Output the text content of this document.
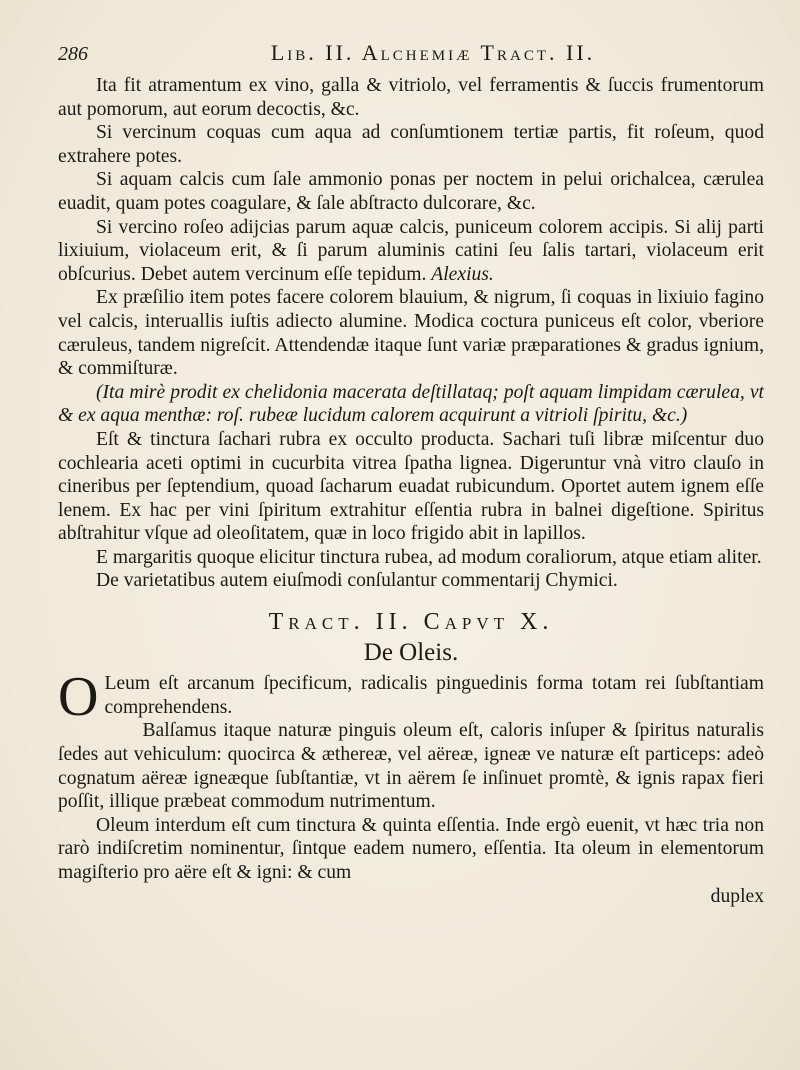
286	Lib. II. Alchemiæ Tract. II.

Ita fit atramentum ex vino, galla & vitriolo, vel ferramentis & ſuccis frumentorum aut pomorum, aut eorum decoctis, &c.

Si vercinum coquas cum aqua ad conſumtionem tertiæ partis, fit roſeum, quod extrahere potes.

Si aquam calcis cum ſale ammonio ponas per noctem in pelui orichalcea, cærulea euadit, quam potes coagulare, & ſale abſtracto dulcorare, &c.

Si vercino roſeo adijcias parum aquæ calcis, puniceum colorem accipis. Si alij parti lixiuium, violaceum erit, & ſi parum aluminis catini ſeu ſalis tartari, violaceum erit obſcurius. Debet autem vercinum eſſe tepidum. Alexius.

Ex præſilio item potes facere colorem blauium, & nigrum, ſi coquas in lixiuio fagino vel calcis, interuallis iuſtis adiecto alumine. Modica coctura puniceus eſt color, vberiore cæruleus, tandem nigreſcit. Attendendæ itaque ſunt variæ præparationes & gradus ignium, & commiſturæ.

(Ita mirè prodit ex chelidonia macerata deſtillataq; poſt aquam limpidam cærulea, vt & ex aqua menthæ: roſ. rubeæ lucidum calorem acquirunt a vitrioli ſpiritu, &c.)

Eſt & tinctura ſachari rubra ex occulto producta. Sachari tuſi libræ miſcentur duo cochlearia aceti optimi in cucurbita vitrea ſpatha lignea. Digeruntur vnà vitro clauſo in cineribus per ſeptendium, quoad ſacharum euadat rubicundum. Oportet autem ignem eſſe lenem. Ex hac per vini ſpiritum extrahitur eſſentia rubra in balnei digeſtione. Spiritus abſtrahitur vſque ad oleoſitatem, quæ in loco frigido abit in lapillos.

E margaritis quoque elicitur tinctura rubea, ad modum coraliorum, atque etiam aliter.

De varietatibus autem eiuſmodi conſulantur commentarij Chymici.

Tract. II. Capvt X.
De Oleis.

O Leum eſt arcanum ſpecificum, radicalis pinguedinis forma totam rei ſubſtantiam comprehendens.

Balſamus itaque naturæ pinguis oleum eſt, caloris inſuper & ſpiritus naturalis ſedes aut vehiculum: quocirca & æthereæ, vel aëreæ, igneæ ve naturæ eſt particeps: adeò cognatum aëreæ igneæque ſubſtantiæ, vt in aërem ſe inſinuet promtè, & ignis rapax fieri poſſit, illique præbeat commodum nutrimentum.

Oleum interdum eſt cum tinctura & quinta eſſentia. Inde ergò euenit, vt hæc tria non rarò indiſcretim nominentur, ſintque eadem numero, eſſentia. Ita oleum in elementorum magiſterio pro aëre eſt & igni: & cum

duplex
